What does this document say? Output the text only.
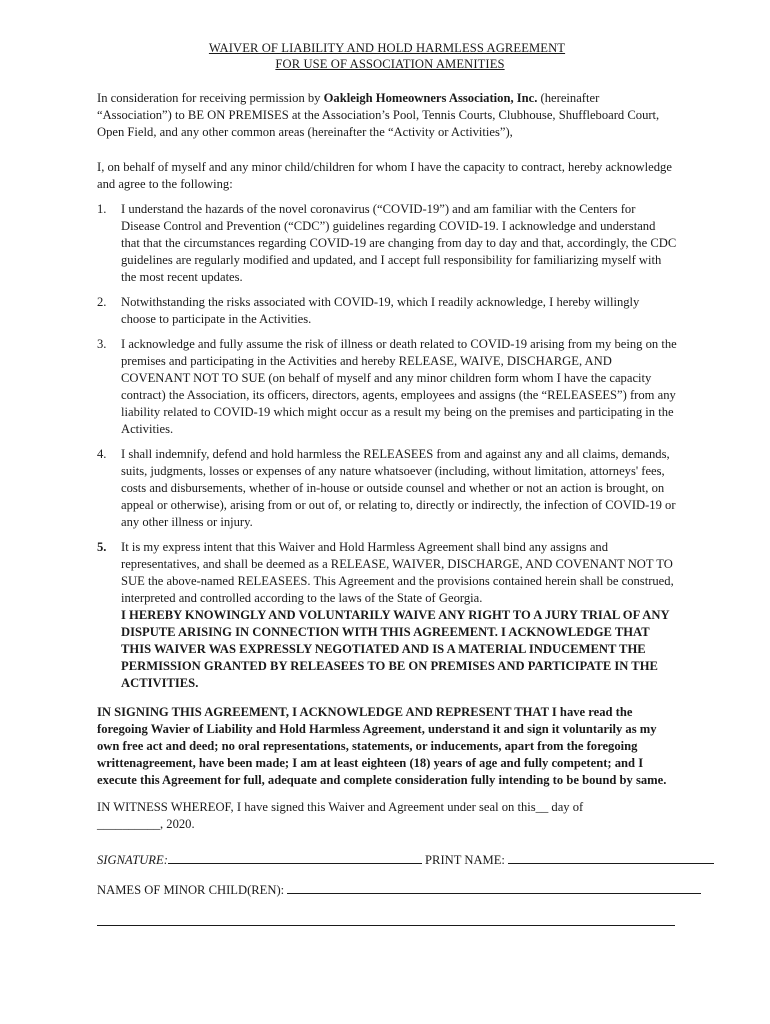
WAIVER OF LIABILITY AND HOLD HARMLESS AGREEMENT
FOR USE OF ASSOCIATION AMENITIES

In consideration for receiving permission by Oakleigh Homeowners Association, Inc. (hereinafter “Association”) to BE ON PREMISES at the Association’s Pool, Tennis Courts, Clubhouse, Shuffleboard Court, Open Field, and any other common areas (hereinafter the “Activity or Activities”),

I, on behalf of myself and any minor child/children for whom I have the capacity to contract, hereby acknowledge and agree to the following:

1. I understand the hazards of the novel coronavirus (“COVID-19”) and am familiar with the Centers for Disease Control and Prevention (“CDC”) guidelines regarding COVID-19. I acknowledge and understand that that the circumstances regarding COVID-19 are changing from day to day and that, accordingly, the CDC guidelines are regularly modified and updated, and I accept full responsibility for familiarizing myself with the most recent updates.
2. Notwithstanding the risks associated with COVID-19, which I readily acknowledge, I hereby willingly choose to participate in the Activities.
3. I acknowledge and fully assume the risk of illness or death related to COVID-19 arising from my being on the premises and participating in the Activities and hereby RELEASE, WAIVE, DISCHARGE, AND COVENANT NOT TO SUE (on behalf of myself and any minor children form whom I have the capacity contract) the Association, its officers, directors, agents, employees and assigns (the “RELEASEES”) from any liability related to COVID-19 which might occur as a result my being on the premises and participating in the Activities.
4. I shall indemnify, defend and hold harmless the RELEASEES from and against any and all claims, demands, suits, judgments, losses or expenses of any nature whatsoever (including, without limitation, attorneys' fees, costs and disbursements, whether of in-house or outside counsel and whether or not an action is brought, on appeal or otherwise), arising from or out of, or relating to, directly or indirectly, the infection of COVID-19 or any other illness or injury.
5. It is my express intent that this Waiver and Hold Harmless Agreement shall bind any assigns and representatives, and shall be deemed as a RELEASE, WAIVER, DISCHARGE, AND COVENANT NOT TO SUE the above-named RELEASEES. This Agreement and the provisions contained herein shall be construed, interpreted and controlled according to the laws of the State of Georgia.

I HEREBY KNOWINGLY AND VOLUNTARILY WAIVE ANY RIGHT TO A JURY TRIAL OF ANY DISPUTE ARISING IN CONNECTION WITH THIS AGREEMENT. I ACKNOWLEDGE THAT THIS WAIVER WAS EXPRESSLY NEGOTIATED AND IS A MATERIAL INDUCEMENT THE PERMISSION GRANTED BY RELEASEES TO BE ON PREMISES AND PARTICIPATE IN THE ACTIVITIES.

IN SIGNING THIS AGREEMENT, I ACKNOWLEDGE AND REPRESENT THAT I have read the foregoing Wavier of Liability and Hold Harmless Agreement, understand it and sign it voluntarily as my own free act and deed; no oral representations, statements, or inducements, apart from the foregoing writtenagreement, have been made; I am at least eighteen (18) years of age and fully competent; and I execute this Agreement for full, adequate and complete consideration fully intending to be bound by same.

IN WITNESS WHEREOF, I have signed this Waiver and Agreement under seal on this__ day of
__________, 2020.

SIGNATURE:	PRINT NAME:
NAMES OF MINOR CHILD(REN):
